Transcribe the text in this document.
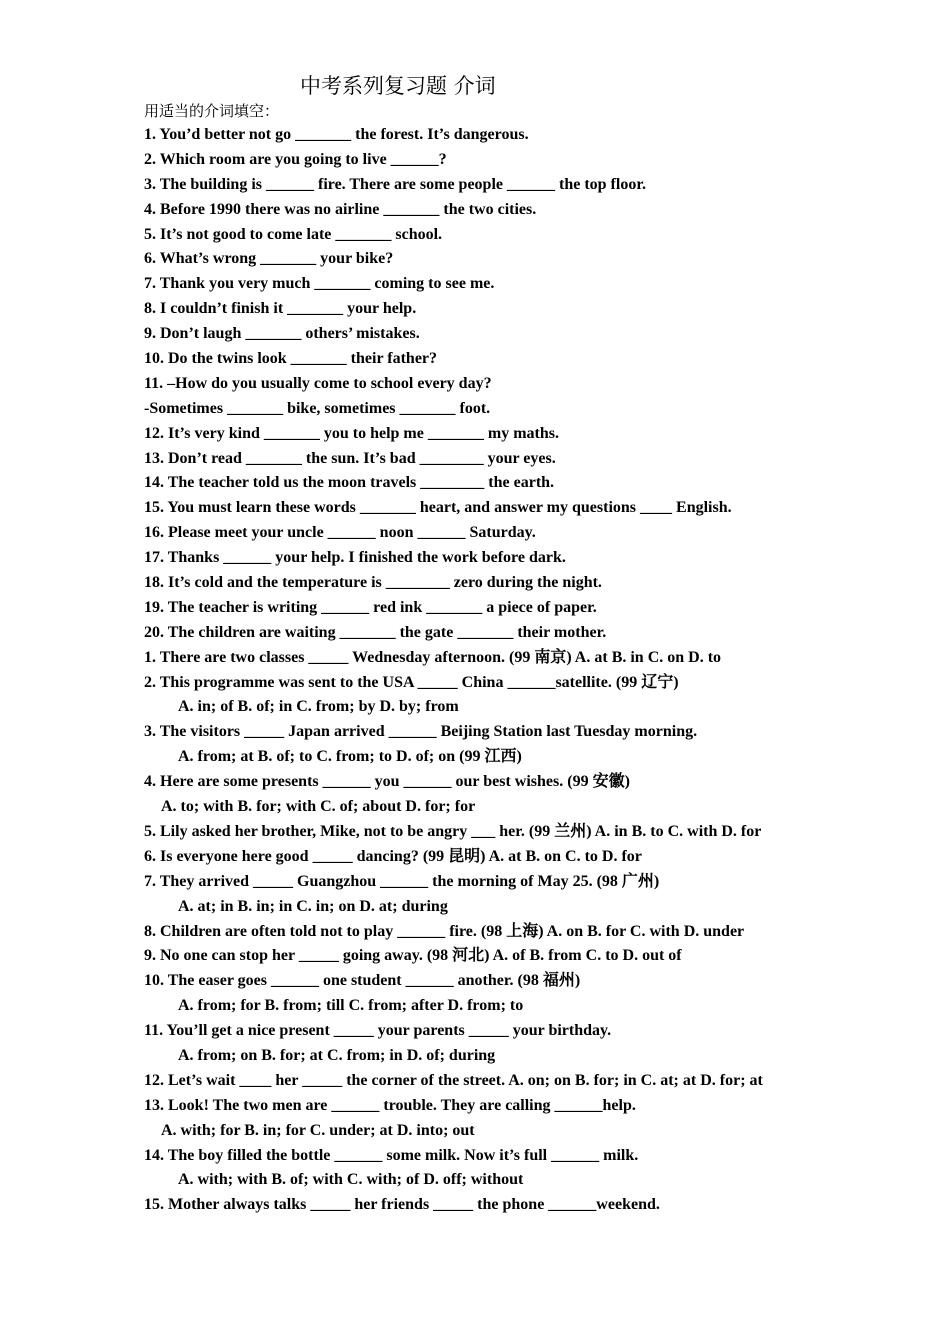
中考系列复习题 介词
用适当的介词填空：
1. You’d better not go _______ the forest. It’s dangerous.
2. Which room are you going to live ______?
3. The building is ______ fire. There are some people ______ the top floor.
4. Before 1990 there was no airline _______ the two cities.
5. It’s not good to come late _______ school.
6. What’s wrong _______ your bike?
7. Thank you very much _______ coming to see me.
8. I couldn’t finish it _______ your help.
9. Don’t laugh _______ others’ mistakes.
10. Do the twins look _______ their father?
11. –How do you usually come to school every day?
-Sometimes _______ bike, sometimes _______ foot.
12. It’s very kind _______ you to help me _______ my maths.
13. Don’t read _______ the sun. It’s bad ________ your eyes.
14. The teacher told us the moon travels ________ the earth.
15. You must learn these words _______ heart, and answer my questions ____ English.
16. Please meet your uncle ______ noon ______ Saturday.
17. Thanks ______ your help. I finished the work before dark.
18. It’s cold and the temperature is ________ zero during the night.
19. The teacher is writing ______ red ink _______ a piece of paper.
20. The children are waiting _______ the gate _______ their mother.
1. There are two classes _____ Wednesday afternoon. (99 南京) A. at B. in C. on D. to
2. This programme was sent to the USA _____ China ______satellite. (99 辽宁)
A. in; of B. of; in C. from; by D. by; from
3. The visitors _____ Japan arrived ______ Beijing Station last Tuesday morning.
A. from; at B. of; to C. from; to D. of; on (99 江西)
4. Here are some presents ______ you ______ our best wishes. (99 安徽)
A. to; with B. for; with C. of; about D. for; for
5. Lily asked her brother, Mike, not to be angry ___ her. (99 兰州) A. in B. to C. with D. for
6. Is everyone here good _____ dancing? (99 昆明) A. at B. on C. to D. for
7. They arrived _____ Guangzhou ______ the morning of May 25. (98 广州)
A. at; in B. in; in C. in; on D. at; during
8. Children are often told not to play ______ fire. (98 上海) A. on B. for C. with D. under
9. No one can stop her _____ going away. (98 河北) A. of B. from C. to D. out of
10. The easer goes ______ one student ______ another. (98 福州)
A. from; for B. from; till C. from; after D. from; to
11. You’ll get a nice present _____ your parents _____ your birthday.
A. from; on B. for; at C. from; in D. of; during
12. Let’s wait ____ her _____ the corner of the street. A. on; on B. for; in C. at; at D. for; at
13. Look! The two men are ______ trouble. They are calling ______help.
A. with; for B. in; for C. under; at D. into; out
14. The boy filled the bottle ______ some milk. Now it’s full ______ milk.
A. with; with B. of; with C. with; of D. off; without
15. Mother always talks _____ her friends _____ the phone ______weekend.
